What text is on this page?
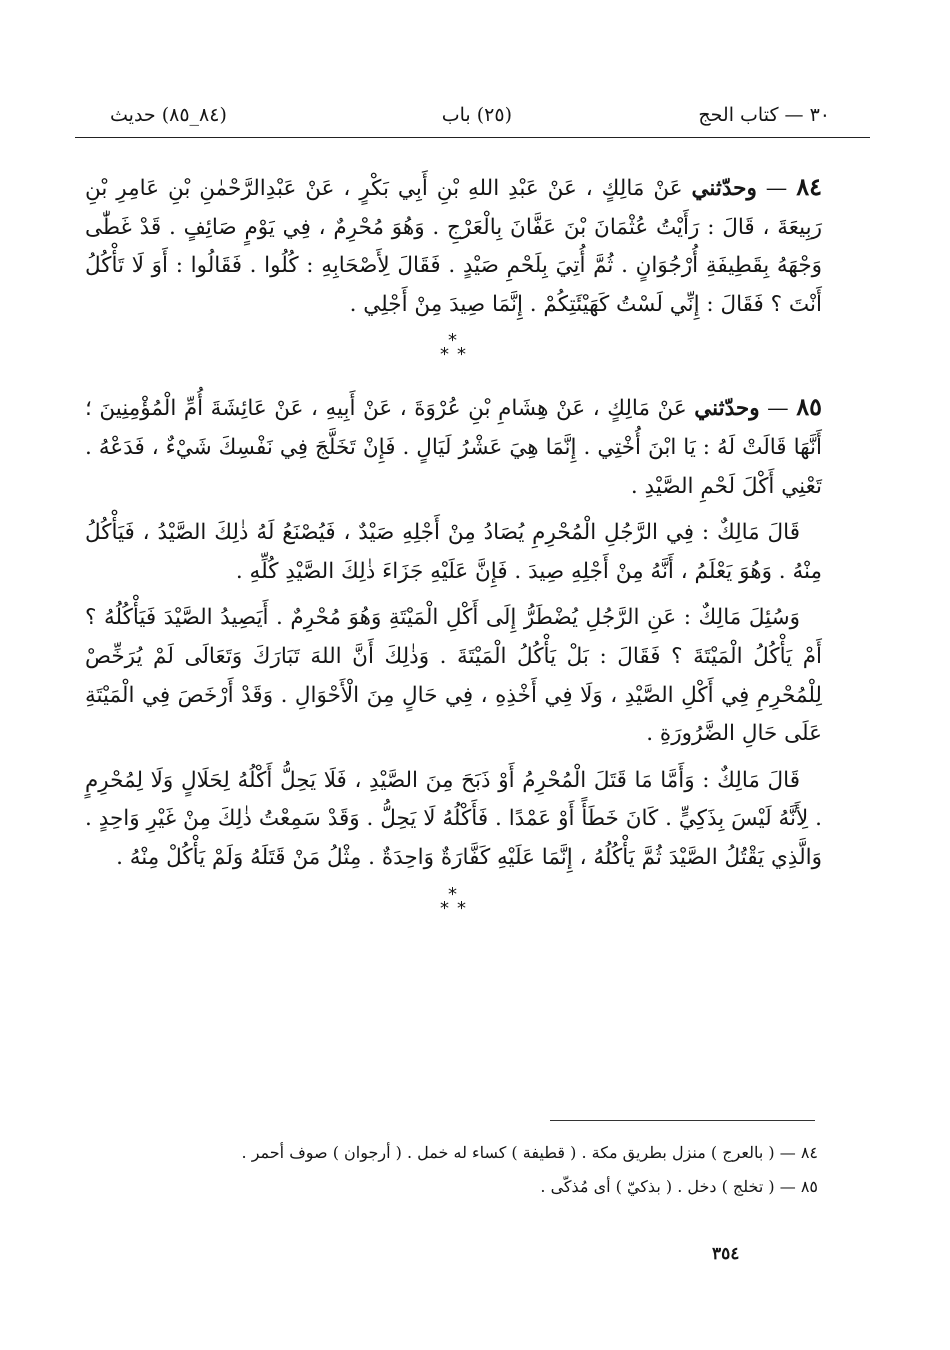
٣٠ — كتاب الحج
(٢٥) باب
(٨٤_٨٥) حديث

٨٤ — وحدّثني عَنْ مَالِكٍ ، عَنْ عَبْدِ اللهِ بْنِ أَبِي بَكْرٍ ، عَنْ عَبْدِالرَّحْمٰنِ بْنِ عَامِرِ بْنِ رَبِيعَةَ ، قَالَ : رَأَيْتُ عُثْمَانَ بْنَ عَفَّانَ بِالْعَرْجِ . وَهُوَ مُحْرِمٌ ، فِي يَوْمٍ صَائِفٍ . قَدْ غَطّٰى وَجْهَهُ بِقَطِيفَةِ أُرْجُوَانٍ . ثُمَّ أُتِيَ بِلَحْمِ صَيْدٍ . فَقَالَ لِأَصْحَابِهِ : كُلُوا . فَقَالُوا : أَوَ لَا تَأْكُلُ أَنْتَ ؟ فَقَالَ : إِنِّي لَسْتُ كَهَيْئَتِكُمْ . إِنَّمَا صِيدَ مِنْ أَجْلِي .

*
* *

٨٥ — وحدّثني عَنْ مَالِكٍ ، عَنْ هِشَامِ بْنِ عُرْوَةَ ، عَنْ أَبِيهِ ، عَنْ عَائِشَةَ أُمِّ الْمُؤْمِنِينَ ؛ أَنَّهَا قَالَتْ لَهُ : يَا ابْنَ أُخْتِي . إِنَّمَا هِيَ عَشْرُ لَيَالٍ . فَإِنْ تَخَلَّجَ فِي نَفْسِكَ شَيْءٌ ، فَدَعْهُ . تَعْنِي أَكْلَ لَحْمِ الصَّيْدِ .

قَالَ مَالِكٌ : فِي الرَّجُلِ الْمُحْرِمِ يُصَادُ مِنْ أَجْلِهِ صَيْدٌ ، فَيُصْنَعُ لَهُ ذٰلِكَ الصَّيْدُ ، فَيَأْكُلُ مِنْهُ . وَهُوَ يَعْلَمُ ، أَنَّهُ مِنْ أَجْلِهِ صِيدَ . فَإِنَّ عَلَيْهِ جَزَاءَ ذٰلِكَ الصَّيْدِ كُلِّهِ .

وَسُئِلَ مَالِكٌ : عَنِ الرَّجُلِ يُضْطَرُّ إِلَى أَكْلِ الْمَيْتَةِ وَهُوَ مُحْرِمٌ . أَيَصِيدُ الصَّيْدَ فَيَأْكُلُهُ ؟ أَمْ يَأْكُلُ الْمَيْتَةَ ؟ فَقَالَ : بَلْ يَأْكُلُ الْمَيْتَةَ . وَذٰلِكَ أَنَّ اللهَ تَبَارَكَ وَتَعَالَى لَمْ يُرَخِّصْ لِلْمُحْرِمِ فِي أَكْلِ الصَّيْدِ ، وَلَا فِي أَخْذِهِ ، فِي حَالٍ مِنَ الْأَحْوَالِ . وَقَدْ أَرْخَصَ فِي الْمَيْتَةِ عَلَى حَالِ الضَّرُورَةِ .

قَالَ مَالِكٌ : وَأَمَّا مَا قَتَلَ الْمُحْرِمُ أَوْ ذَبَحَ مِنَ الصَّيْدِ ، فَلَا يَحِلُّ أَكْلُهُ لِحَلَالٍ وَلَا لِمُحْرِمٍ . لِأَنَّهُ لَيْسَ بِذَكِيٍّ . كَانَ خَطَأً أَوْ عَمْدًا . فَأَكْلُهُ لَا يَحِلُّ . وَقَدْ سَمِعْتُ ذٰلِكَ مِنْ غَيْرِ وَاحِدٍ . وَالَّذِي يَقْتُلُ الصَّيْدَ ثُمَّ يَأْكُلُهُ ، إِنَّمَا عَلَيْهِ كَفَّارَةٌ وَاحِدَةٌ . مِثْلُ مَنْ قَتَلَهُ وَلَمْ يَأْكُلْ مِنْهُ .

*
* *

٨٤ — ( بالعرج ) منزل بطريق مكة . ( قطيفة ) كساء له خمل . ( أرجوان ) صوف أحمر .

٨٥ — ( تخلج ) دخل . ( بذكيّ ) أى مُذكّى .

٣٥٤
